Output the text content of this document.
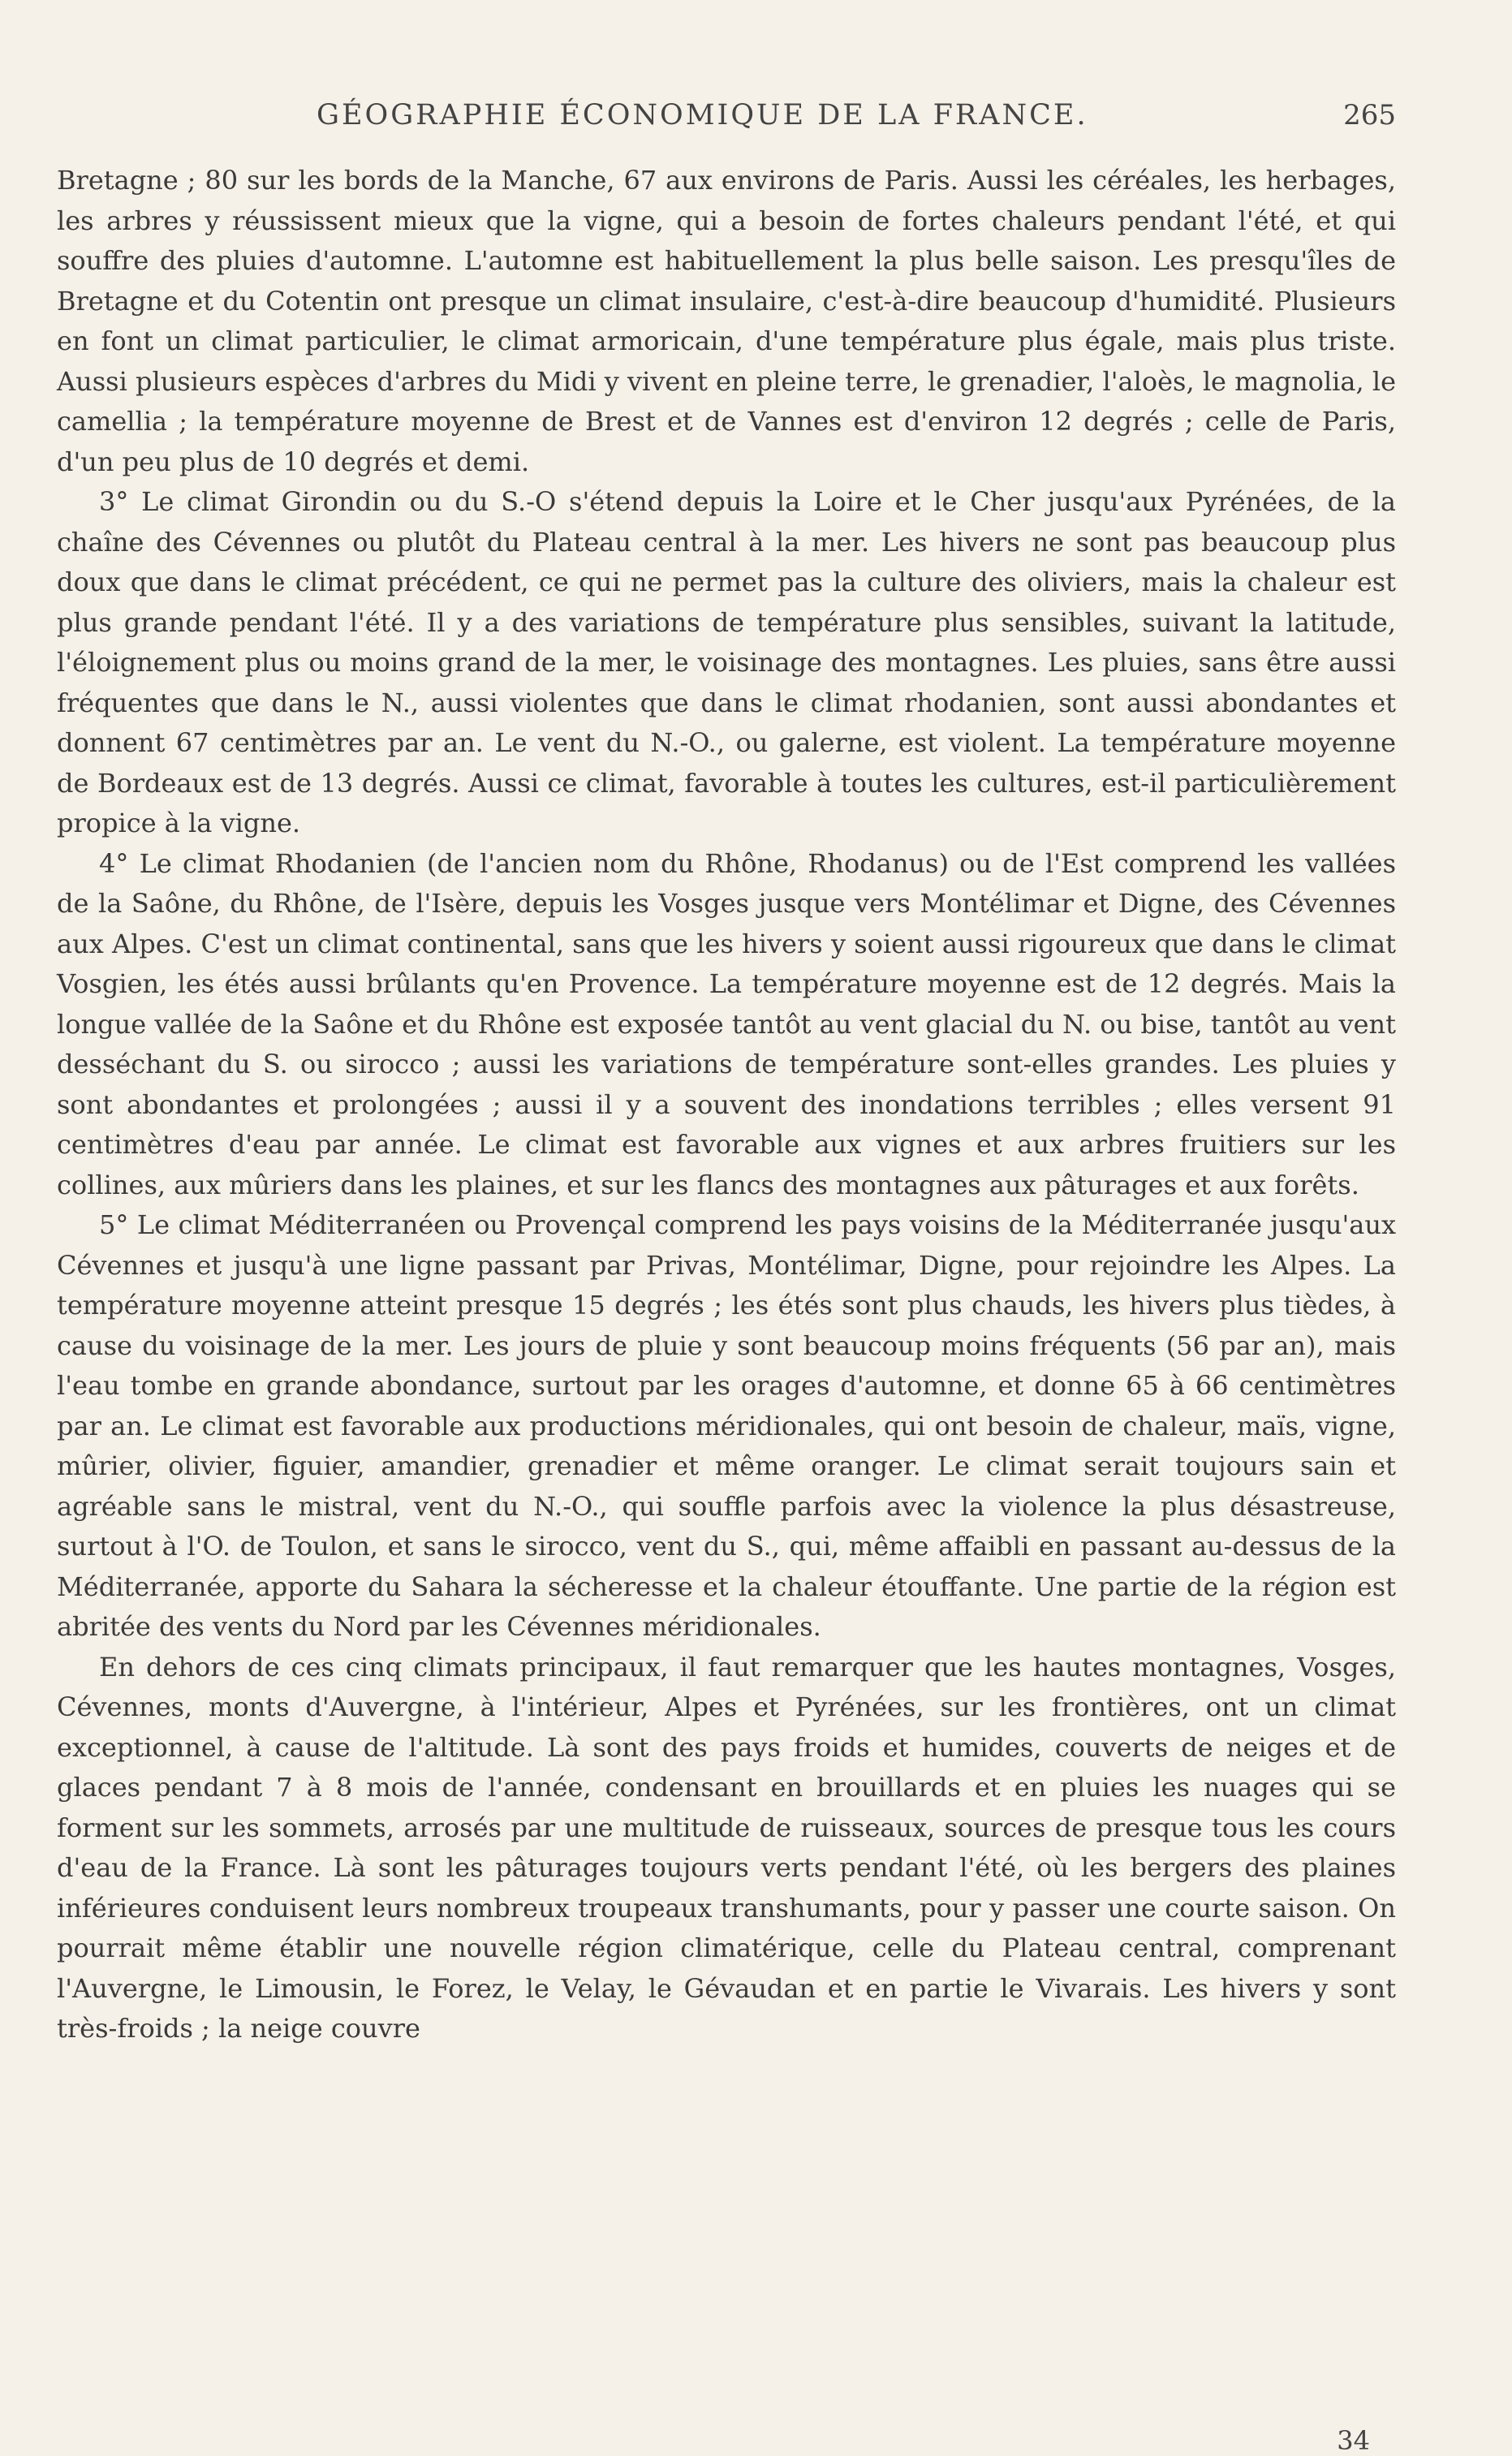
GÉOGRAPHIE ÉCONOMIQUE DE LA FRANCE.	265

Bretagne ; 80 sur les bords de la Manche, 67 aux environs de Paris. Aussi les céréales, les herbages, les arbres y réussissent mieux que la vigne, qui a besoin de fortes chaleurs pendant l'été, et qui souffre des pluies d'automne. L'automne est habituellement la plus belle saison. Les presqu'îles de Bretagne et du Cotentin ont presque un climat insulaire, c'est-à-dire beaucoup d'humidité. Plusieurs en font un climat particulier, le climat armoricain, d'une température plus égale, mais plus triste. Aussi plusieurs espèces d'arbres du Midi y vivent en pleine terre, le grenadier, l'aloès, le magnolia, le camellia ; la température moyenne de Brest et de Vannes est d'environ 12 degrés ; celle de Paris, d'un peu plus de 10 degrés et demi.

3° Le climat Girondin ou du S.-O s'étend depuis la Loire et le Cher jusqu'aux Pyrénées, de la chaîne des Cévennes ou plutôt du Plateau central à la mer. Les hivers ne sont pas beaucoup plus doux que dans le climat précédent, ce qui ne permet pas la culture des oliviers, mais la chaleur est plus grande pendant l'été. Il y a des variations de température plus sensibles, suivant la latitude, l'éloignement plus ou moins grand de la mer, le voisinage des montagnes. Les pluies, sans être aussi fréquentes que dans le N., aussi violentes que dans le climat rhodanien, sont aussi abondantes et donnent 67 centimètres par an. Le vent du N.-O., ou galerne, est violent. La température moyenne de Bordeaux est de 13 degrés. Aussi ce climat, favorable à toutes les cultures, est-il particulièrement propice à la vigne.

4° Le climat Rhodanien (de l'ancien nom du Rhône, Rhodanus) ou de l'Est comprend les vallées de la Saône, du Rhône, de l'Isère, depuis les Vosges jusque vers Montélimar et Digne, des Cévennes aux Alpes. C'est un climat continental, sans que les hivers y soient aussi rigoureux que dans le climat Vosgien, les étés aussi brûlants qu'en Provence. La température moyenne est de 12 degrés. Mais la longue vallée de la Saône et du Rhône est exposée tantôt au vent glacial du N. ou bise, tantôt au vent desséchant du S. ou sirocco ; aussi les variations de température sont-elles grandes. Les pluies y sont abondantes et prolongées ; aussi il y a souvent des inondations terribles ; elles versent 91 centimètres d'eau par année. Le climat est favorable aux vignes et aux arbres fruitiers sur les collines, aux mûriers dans les plaines, et sur les flancs des montagnes aux pâturages et aux forêts.

5° Le climat Méditerranéen ou Provençal comprend les pays voisins de la Méditerranée jusqu'aux Cévennes et jusqu'à une ligne passant par Privas, Montélimar, Digne, pour rejoindre les Alpes. La température moyenne atteint presque 15 degrés ; les étés sont plus chauds, les hivers plus tièdes, à cause du voisinage de la mer. Les jours de pluie y sont beaucoup moins fréquents (56 par an), mais l'eau tombe en grande abondance, surtout par les orages d'automne, et donne 65 à 66 centimètres par an. Le climat est favorable aux productions méridionales, qui ont besoin de chaleur, maïs, vigne, mûrier, olivier, figuier, amandier, grenadier et même oranger. Le climat serait toujours sain et agréable sans le mistral, vent du N.-O., qui souffle parfois avec la violence la plus désastreuse, surtout à l'O. de Toulon, et sans le sirocco, vent du S., qui, même affaibli en passant au-dessus de la Méditerranée, apporte du Sahara la sécheresse et la chaleur étouffante. Une partie de la région est abritée des vents du Nord par les Cévennes méridionales.

En dehors de ces cinq climats principaux, il faut remarquer que les hautes montagnes, Vosges, Cévennes, monts d'Auvergne, à l'intérieur, Alpes et Pyrénées, sur les frontières, ont un climat exceptionnel, à cause de l'altitude. Là sont des pays froids et humides, couverts de neiges et de glaces pendant 7 à 8 mois de l'année, condensant en brouillards et en pluies les nuages qui se forment sur les sommets, arrosés par une multitude de ruisseaux, sources de presque tous les cours d'eau de la France. Là sont les pâturages toujours verts pendant l'été, où les bergers des plaines inférieures conduisent leurs nombreux troupeaux transhumants, pour y passer une courte saison. On pourrait même établir une nouvelle région climatérique, celle du Plateau central, comprenant l'Auvergne, le Limousin, le Forez, le Velay, le Gévaudan et en partie le Vivarais. Les hivers y sont très-froids ; la neige couvre

34
